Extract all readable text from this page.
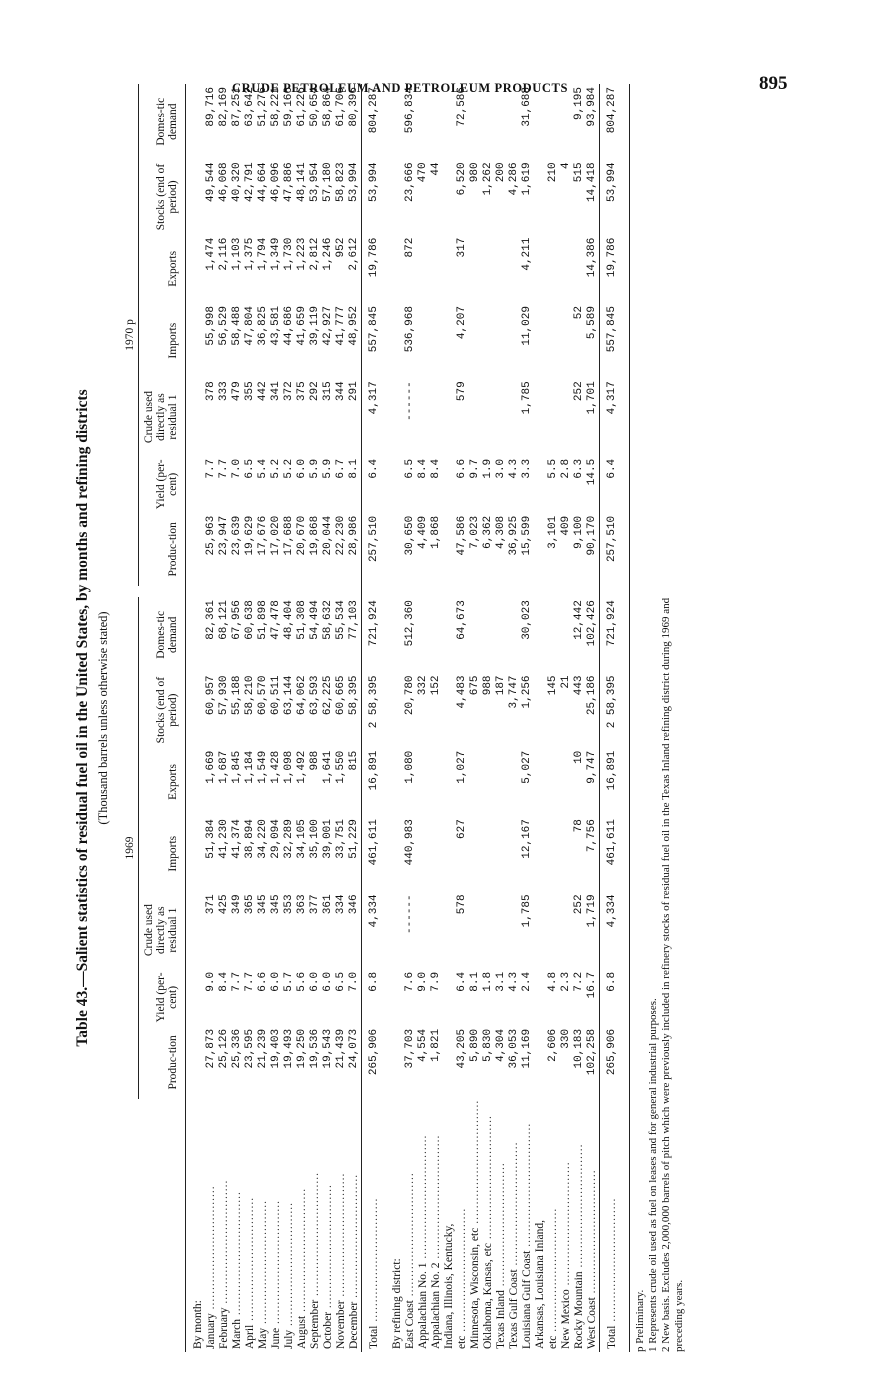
CRUDE PETROLEUM AND PETROLEUM PRODUCTS	895
Table 43.—Salient statistics of residual fuel oil in the United States, by months and refining districts (Thousand barrels unless otherwise stated)
	1969								1970 p						
	Produc-tion	Yield (per-cent)	Crude used directly as residual 1	Imports	Exports	Stocks (end of period)	Domes-tic demand		Produc-tion	Yield (per-cent)	Crude used directly as residual 1	Imports	Exports	Stocks (end of period)	Domes-tic demand
By month:															
January ................................	27,873	9.0	371	51,384	1,669	60,957	82,361		25,963	7.7	378	55,998	1,474	49,544	89,716
February ................................	25,126	8.4	425	41,230	1,687	57,930	68,121		23,947	7.7	333	56,529	2,116	46,068	82,169
March ................................	25,336	7.7	349	41,374	1,845	55,188	67,956		23,639	7.0	479	58,488	1,103	40,320	87,251
April ................................	23,595	7.7	365	38,894	1,184	58,210	60,638		19,629	6.5	355	47,804	1,375	42,791	63,642
May ................................	21,239	6.6	345	34,220	1,549	60,570	51,898		17,676	5.4	442	36,825	1,794	44,664	51,276
June ................................	19,403	6.0	345	29,094	1,428	60,511	47,478		17,020	5.2	341	43,581	1,349	46,096	58,221
July ................................	19,493	5.7	353	32,289	1,098	63,144	48,404		17,688	5.2	372	44,686	1,730	47,886	59,166
August ................................	19,250	5.6	363	34,105	1,492	64,062	51,308		20,670	6.0	375	41,659	1,223	48,141	61,226
September ................................	19,536	6.0	377	35,100	988	63,593	54,494		19,868	5.9	292	39,119	2,812	53,954	50,654
October ................................	19,543	6.0	361	39,001	1,641	62,225	58,632		20,044	5.9	315	42,927	1,246	57,180	58,864
November ................................	21,439	6.5	334	33,751	1,550	60,665	55,534		22,230	6.7	344	41,777	952	58,823	61,706
December ................................	24,073	7.0	346	51,229	815	58,395	77,103		28,986	8.1	291	48,952	2,612	53,994	80,396
Total ................................	265,906	6.8	4,334	461,611	16,891	2 58,395	721,924		257,510	6.4	4,317	557,845	19,786	53,994	804,287
By refining district:															
East Coast ................................	37,703	7.6	------	440,983	1,080	20,780	512,360		30,650	6.5	------	536,968	872	23,666	596,834
Appalachian No. 1 ................................	4,554	9.0				332			4,409	8.4				470	
Appalachian No. 2 ................................	1,821	7.9				152			1,868	8.4				44	
Indiana, Illinois, Kentucky,															
etc ................................	43,205	6.4	578	627	1,027	4,483	64,673		47,586	6.6	579	4,207	317	6,520	72,586
Minnesota, Wisconsin, etc ................................	5,890	8.1				675			7,023	9.7				980	
Oklahoma, Kansas, etc ................................	5,830	1.8				988			6,362	1.9				1,262	
Texas Inland ................................	4,304	3.1				187			4,308	3.0				200	
Texas Gulf Coast ................................	36,053	4.3				3,747			36,925	4.3				4,286	
Louisiana Gulf Coast ................................	11,169	2.4	1,785	12,167	5,027	1,256	30,023		15,599	3.3	1,785	11,029	4,211	1,619	31,688
Arkansas, Louisiana Inland,															
etc ................................	2,606	4.8				145			3,101	5.5				210	
New Mexico ................................	330	2.3				21			409	2.8				4	
Rocky Mountain ................................	10,183	7.2	252	78	10	443	12,442		9,100	6.3	252	52		515	9,195
West Coast ................................	102,258	16.7	1,719	7,756	9,747	25,186	102,426		90,170	14.5	1,701	5,589	14,386	14,418	93,984
Total ................................	265,906	6.8	4,334	461,611	16,891	2 58,395	721,924		257,510	6.4	4,317	557,845	19,786	53,994	804,287
p Preliminary. 1 Represents crude oil used as fuel on leases and for general industrial purposes. 2 New basis. Excludes 2,000,000 barrels of pitch which were previously included in refinery stocks of residual fuel oil in the Texas Inland refining district during 1969 and preceding years.
